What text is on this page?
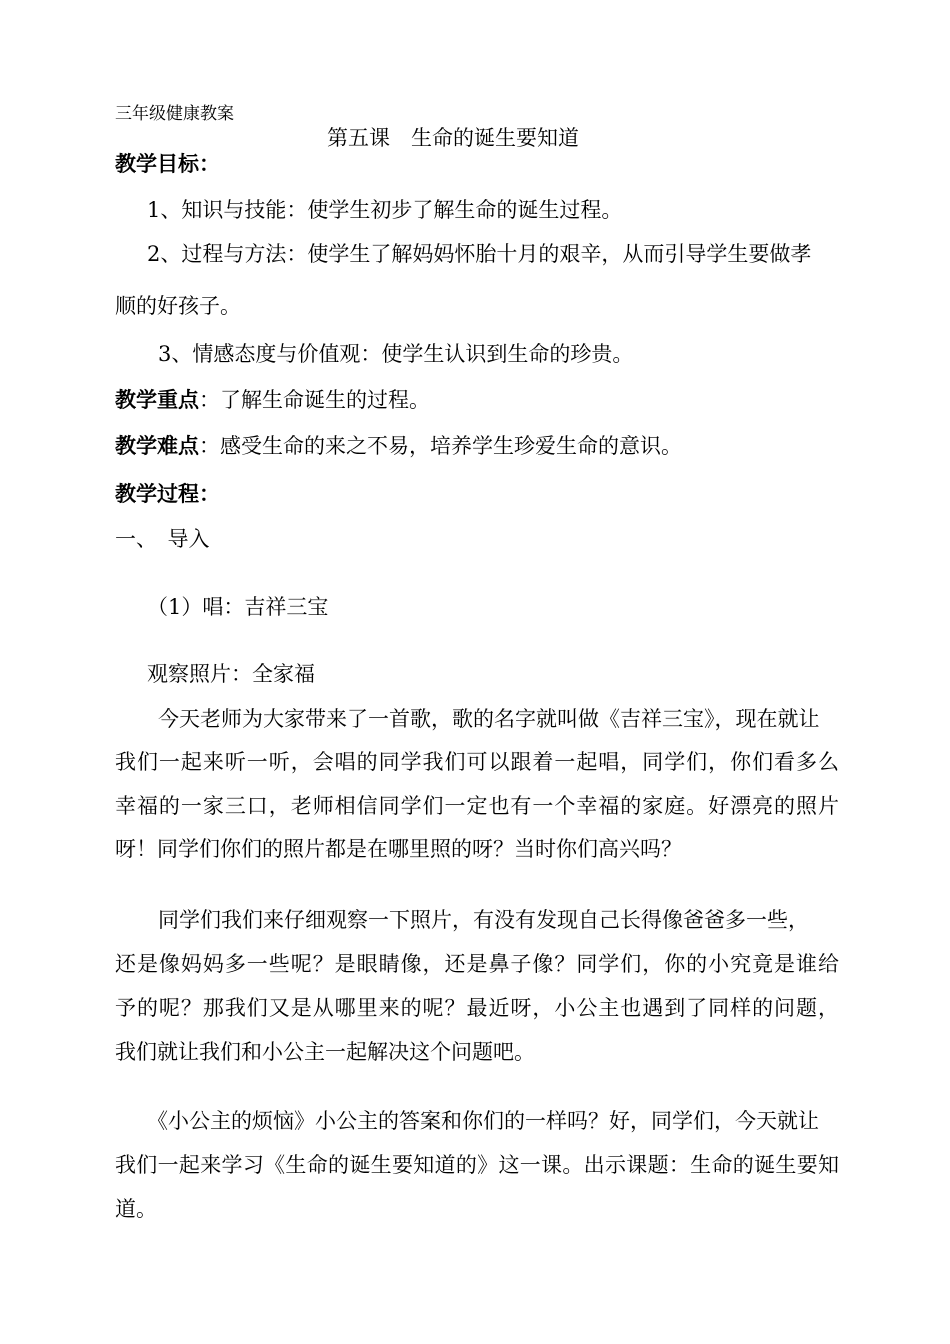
三年级健康教案
第五课　生命的诞生要知道
教学目标：
1、知识与技能：使学生初步了解生命的诞生过程。
2、过程与方法：使学生了解妈妈怀胎十月的艰辛，从而引导学生要做孝
顺的好孩子。
3、情感态度与价值观：使学生认识到生命的珍贵。
教学重点：了解生命诞生的过程。
教学难点：感受生命的来之不易，培养学生珍爱生命的意识。
教学过程：
一、　导入
（1）唱：吉祥三宝
观察照片：全家福
今天老师为大家带来了一首歌，歌的名字就叫做《吉祥三宝》，现在就让
我们一起来听一听，会唱的同学我们可以跟着一起唱，同学们，你们看多么
幸福的一家三口，老师相信同学们一定也有一个幸福的家庭。好漂亮的照片
呀！同学们你们的照片都是在哪里照的呀？当时你们高兴吗？
同学们我们来仔细观察一下照片，有没有发现自己长得像爸爸多一些，
还是像妈妈多一些呢？是眼睛像，还是鼻子像？同学们，你的小究竟是谁给
予的呢？那我们又是从哪里来的呢？最近呀，小公主也遇到了同样的问题，
我们就让我们和小公主一起解决这个问题吧。
《小公主的烦恼》小公主的答案和你们的一样吗？好，同学们，今天就让
我们一起来学习《生命的诞生要知道的》这一课。出示课题：生命的诞生要知
道。
